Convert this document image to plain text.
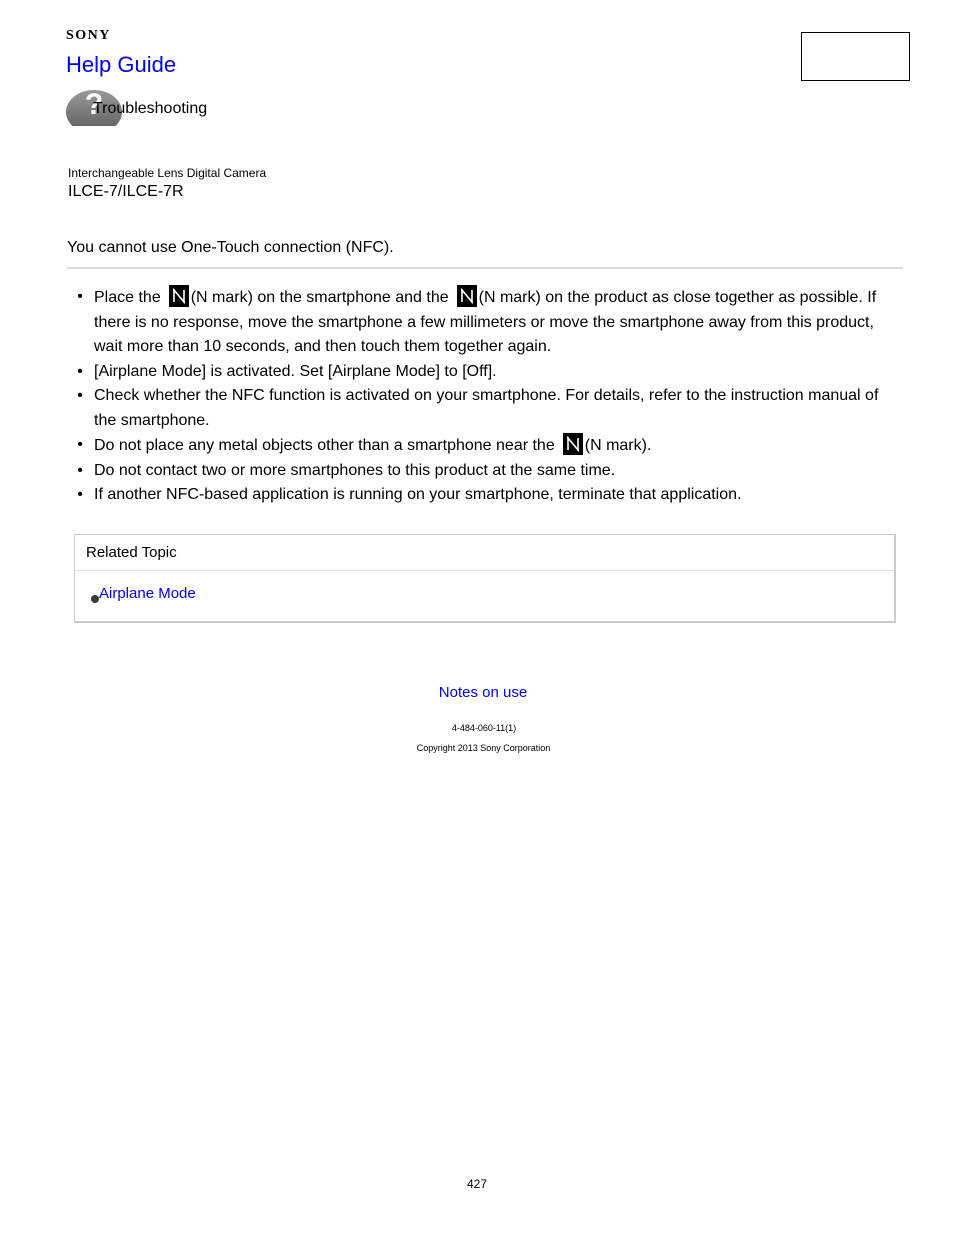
SONY
Help Guide
?
Troubleshooting
Interchangeable Lens Digital Camera
ILCE-7/ILCE-7R
You cannot use One-Touch connection (NFC).
• Place the (N mark) on the smartphone and the (N mark) on the product as close together as possible. If there is no response, move the smartphone a few millimeters or move the smartphone away from this product, wait more than 10 seconds, and then touch them together again.
• [Airplane Mode] is activated. Set [Airplane Mode] to [Off].
• Check whether the NFC function is activated on your smartphone. For details, refer to the instruction manual of the smartphone.
• Do not place any metal objects other than a smartphone near the (N mark).
• Do not contact two or more smartphones to this product at the same time.
• If another NFC-based application is running on your smartphone, terminate that application.
Related Topic
Airplane Mode
Notes on use
4-484-060-11(1)
Copyright 2013 Sony Corporation
427
